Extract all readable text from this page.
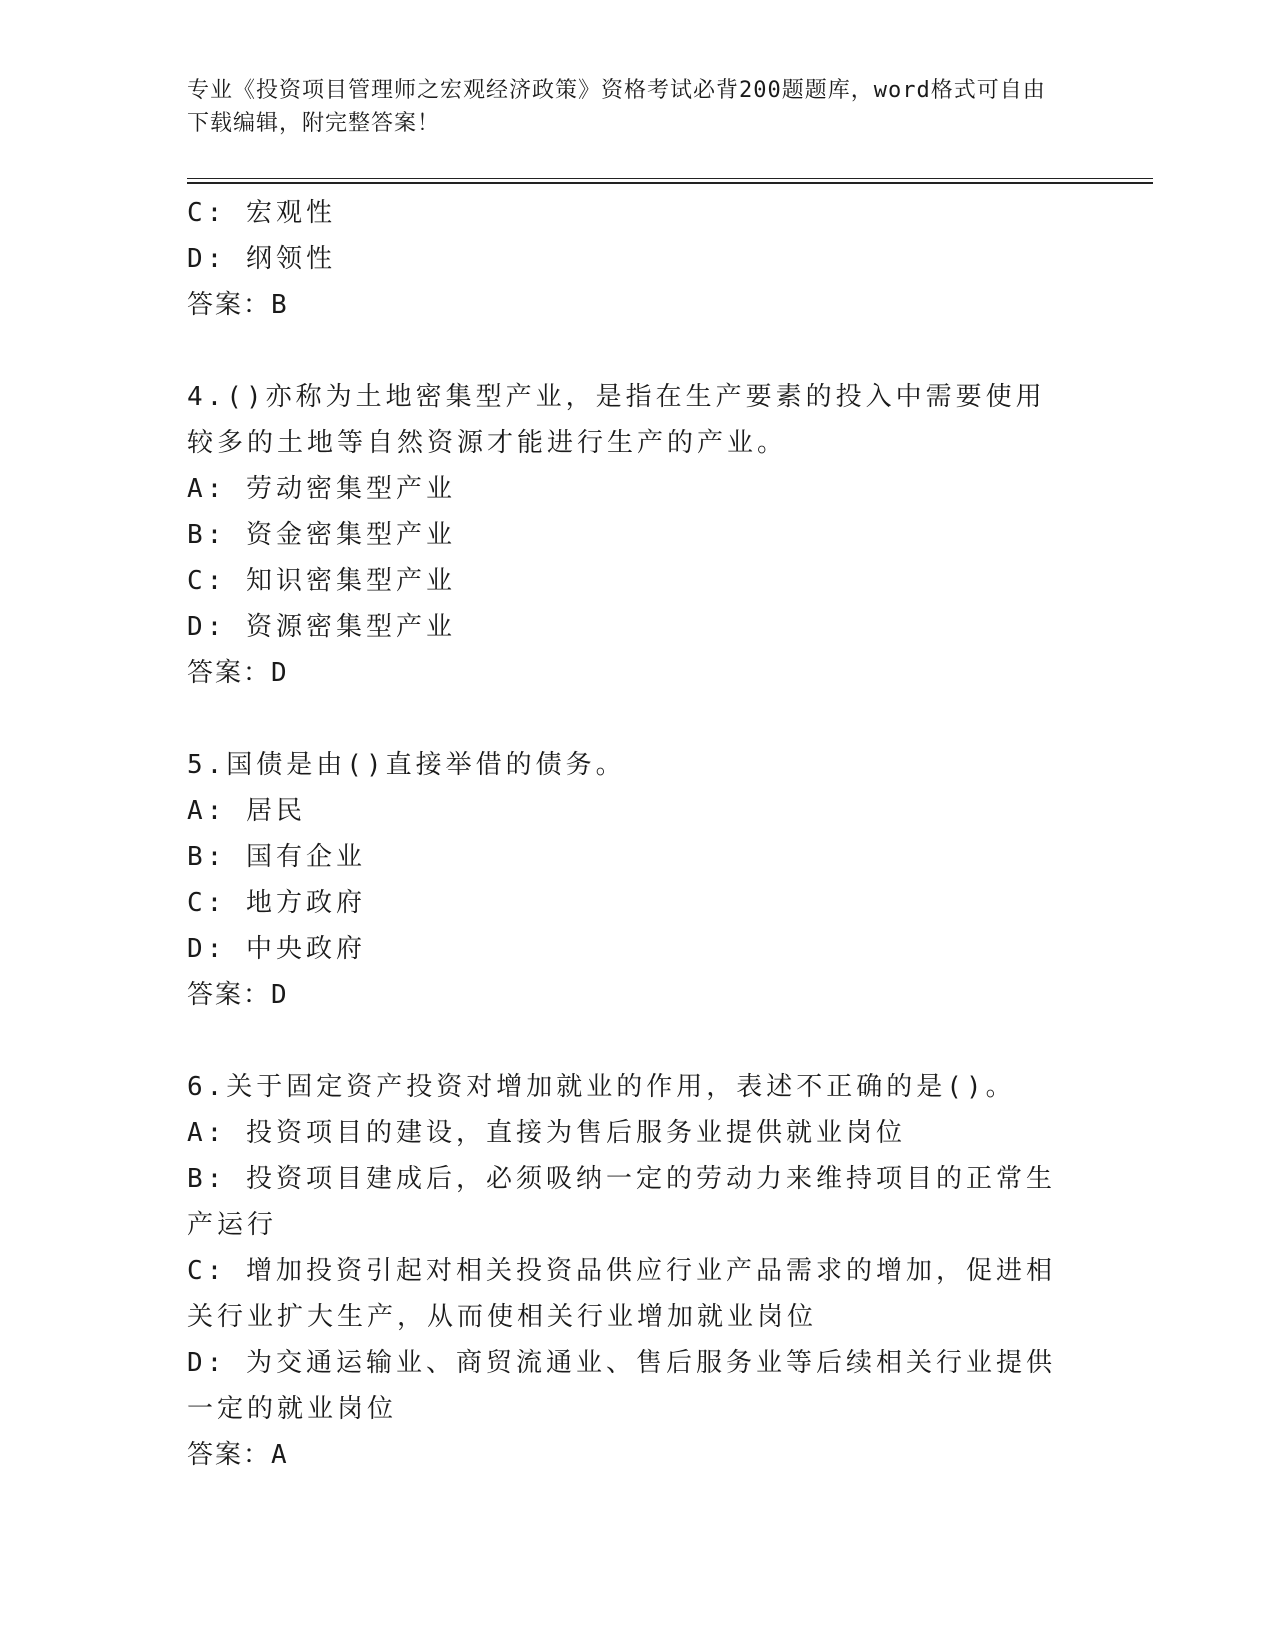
专业《投资项目管理师之宏观经济政策》资格考试必背200题题库，word格式可自由下载编辑，附完整答案！
C: 宏观性
D: 纲领性
答案：B
4.()亦称为土地密集型产业，是指在生产要素的投入中需要使用较多的土地等自然资源才能进行生产的产业。
A: 劳动密集型产业
B: 资金密集型产业
C: 知识密集型产业
D: 资源密集型产业
答案：D
5.国债是由()直接举借的债务。
A: 居民
B: 国有企业
C: 地方政府
D: 中央政府
答案：D
6.关于固定资产投资对增加就业的作用，表述不正确的是()。
A: 投资项目的建设，直接为售后服务业提供就业岗位
B: 投资项目建成后，必须吸纳一定的劳动力来维持项目的正常生产运行
C: 增加投资引起对相关投资品供应行业产品需求的增加，促进相关行业扩大生产，从而使相关行业增加就业岗位
D: 为交通运输业、商贸流通业、售后服务业等后续相关行业提供一定的就业岗位
答案：A
